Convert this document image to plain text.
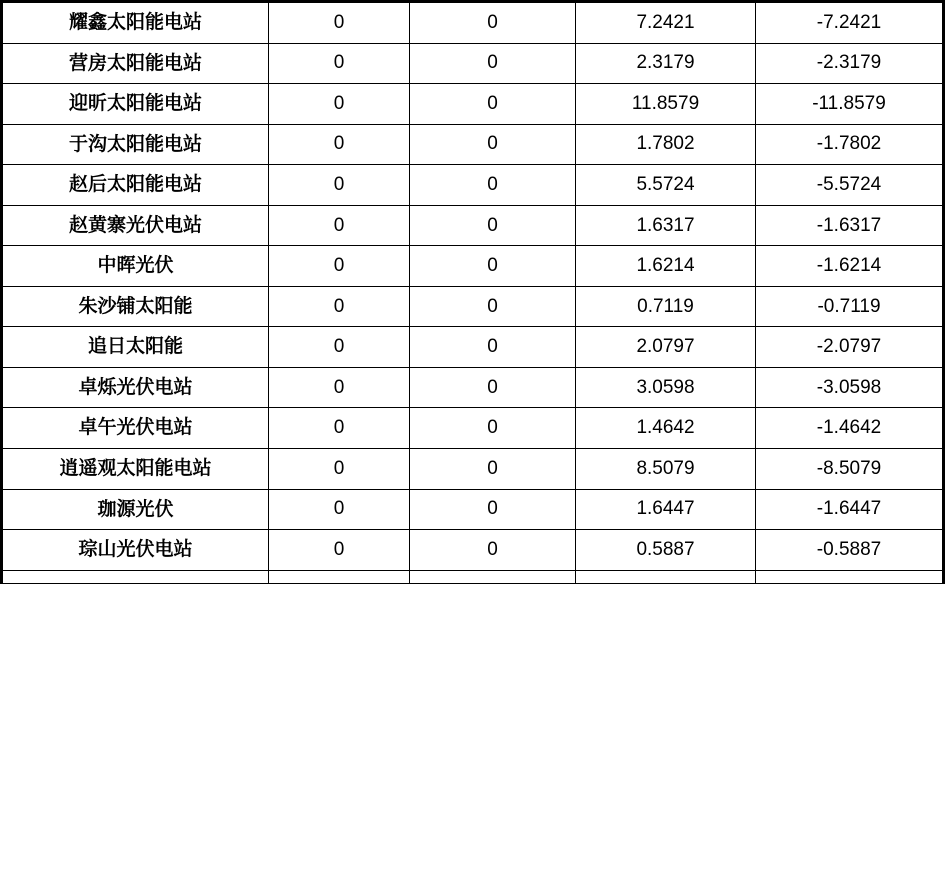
耀鑫太阳能电站	0	0	7.2421	-7.2421
营房太阳能电站	0	0	2.3179	-2.3179
迎昕太阳能电站	0	0	11.8579	-11.8579
于沟太阳能电站	0	0	1.7802	-1.7802
赵后太阳能电站	0	0	5.5724	-5.5724
赵黄寨光伏电站	0	0	1.6317	-1.6317
中晖光伏	0	0	1.6214	-1.6214
朱沙铺太阳能	0	0	0.7119	-0.7119
追日太阳能	0	0	2.0797	-2.0797
卓烁光伏电站	0	0	3.0598	-3.0598
卓午光伏电站	0	0	1.4642	-1.4642
逍遥观太阳能电站	0	0	8.5079	-8.5079
珈源光伏	0	0	1.6447	-1.6447
琮山光伏电站	0	0	0.5887	-0.5887
